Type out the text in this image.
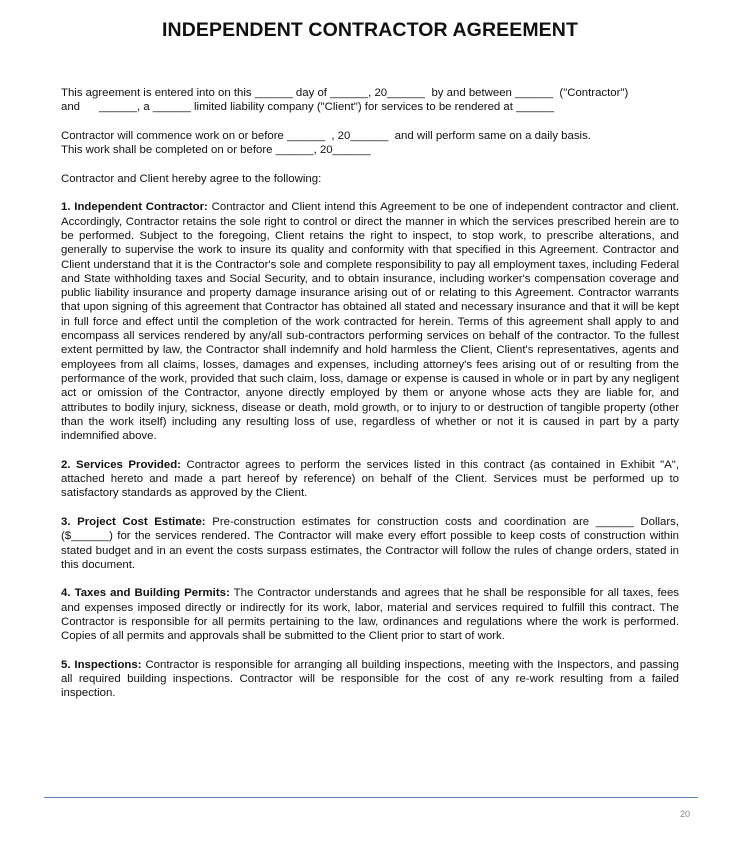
INDEPENDENT CONTRACTOR AGREEMENT
This agreement is entered into on this ______ day of ______, 20______  by and between ______  ("Contractor")
and      ______, a ______ limited liability company ("Client") for services to be rendered at ______
Contractor will commence work on or before ______  , 20______  and will perform same on a daily basis.
This work shall be completed on or before ______, 20______
Contractor and Client hereby agree to the following:

1. Independent Contractor: Contractor and Client intend this Agreement to be one of independent contractor and client. Accordingly, Contractor retains the sole right to control or direct the manner in which the services prescribed herein are to be performed. Subject to the foregoing, Client retains the right to inspect, to stop work, to prescribe alterations, and generally to supervise the work to insure its quality and conformity with that specified in this Agreement. Contractor and Client understand that it is the Contractor's sole and complete responsibility to pay all employment taxes, including Federal and State withholding taxes and Social Security, and to obtain insurance, including worker's compensation coverage and public liability insurance and property damage insurance arising out of or relating to this Agreement. Contractor warrants that upon signing of this agreement that Contractor has obtained all stated and necessary insurance and that it will be kept in full force and effect until the completion of the work contracted for herein. Terms of this agreement shall apply to and encompass all services rendered by any/all sub-contractors performing services on behalf of the contractor. To the fullest extent permitted by law, the Contractor shall indemnify and hold harmless the Client, Client's representatives, agents and employees from all claims, losses, damages and expenses, including attorney's fees arising out of or resulting from the performance of the work, provided that such claim, loss, damage or expense is caused in whole or in part by any negligent act or omission of the Contractor, anyone directly employed by them or anyone whose acts they are liable for, and attributes to bodily injury, sickness, disease or death, mold growth, or to injury to or destruction of tangible property (other than the work itself) including any resulting loss of use, regardless of whether or not it is caused in part by a party indemnified above.

2. Services Provided: Contractor agrees to perform the services listed in this contract (as contained in Exhibit "A", attached hereto and made a part hereof by reference) on behalf of the Client. Services must be performed up to satisfactory standards as approved by the Client.

3. Project Cost Estimate: Pre-construction estimates for construction costs and coordination are ______ Dollars, ($______) for the services rendered. The Contractor will make every effort possible to keep costs of construction within stated budget and in an event the costs surpass estimates, the Contractor will follow the rules of change orders, stated in this document.

4. Taxes and Building Permits: The Contractor understands and agrees that he shall be responsible for all taxes, fees and expenses imposed directly or indirectly for its work, labor, material and services required to fulfill this contract. The Contractor is responsible for all permits pertaining to the law, ordinances and regulations where the work is performed. Copies of all permits and approvals shall be submitted to the Client prior to start of work.

5. Inspections: Contractor is responsible for arranging all building inspections, meeting with the Inspectors, and passing all required building inspections. Contractor will be responsible for the cost of any re-work resulting from a failed inspection.

20
